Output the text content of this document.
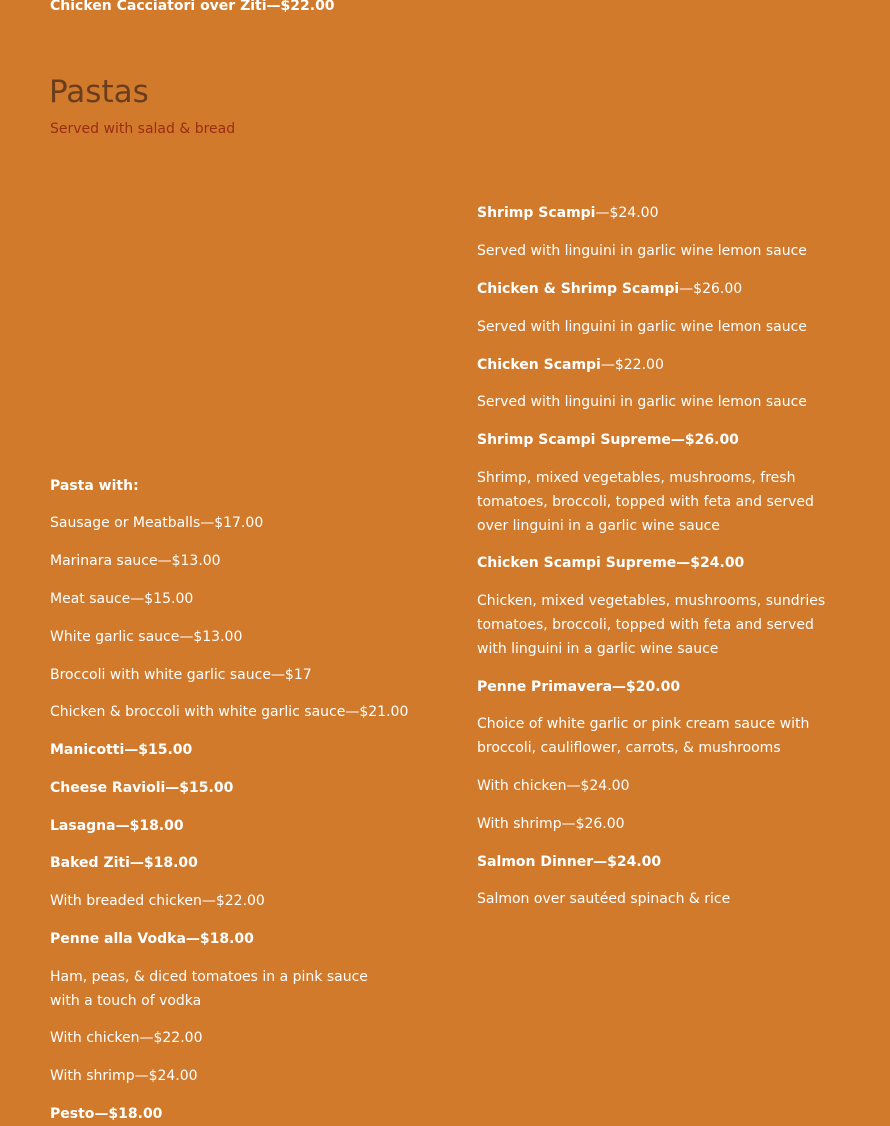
Chicken Cacciatori over Ziti—$22.00
Pastas
Served with salad & bread
Pasta with:
Sausage or Meatballs—$17.00
Marinara sauce—$13.00
Meat sauce—$15.00
White garlic sauce—$13.00
Broccoli with white garlic sauce—$17
Chicken & broccoli with white garlic sauce—$21.00
Manicotti—$15.00
Cheese Ravioli—$15.00
Lasagna—$18.00
Baked Ziti—$18.00
With breaded chicken—$22.00
Penne alla Vodka—$18.00
Ham, peas, & diced tomatoes in a pink sauce with a touch of vodka
With chicken—$22.00
With shrimp—$24.00
Pesto—$18.00
Shrimp Scampi—$24.00
Served with linguini in garlic wine lemon sauce
Chicken & Shrimp Scampi—$26.00
Served with linguini in garlic wine lemon sauce
Chicken Scampi—$22.00
Served with linguini in garlic wine lemon sauce
Shrimp Scampi Supreme—$26.00
Shrimp, mixed vegetables, mushrooms, fresh tomatoes, broccoli, topped with feta and served over linguini in a garlic wine sauce
Chicken Scampi Supreme—$24.00
Chicken, mixed vegetables, mushrooms, sundries tomatoes, broccoli, topped with feta and served with linguini in a garlic wine sauce
Penne Primavera—$20.00
Choice of white garlic or pink cream sauce with broccoli, cauliflower, carrots, & mushrooms
With chicken—$24.00
With shrimp—$26.00
Salmon Dinner—$24.00
Salmon over sautéed spinach & rice
